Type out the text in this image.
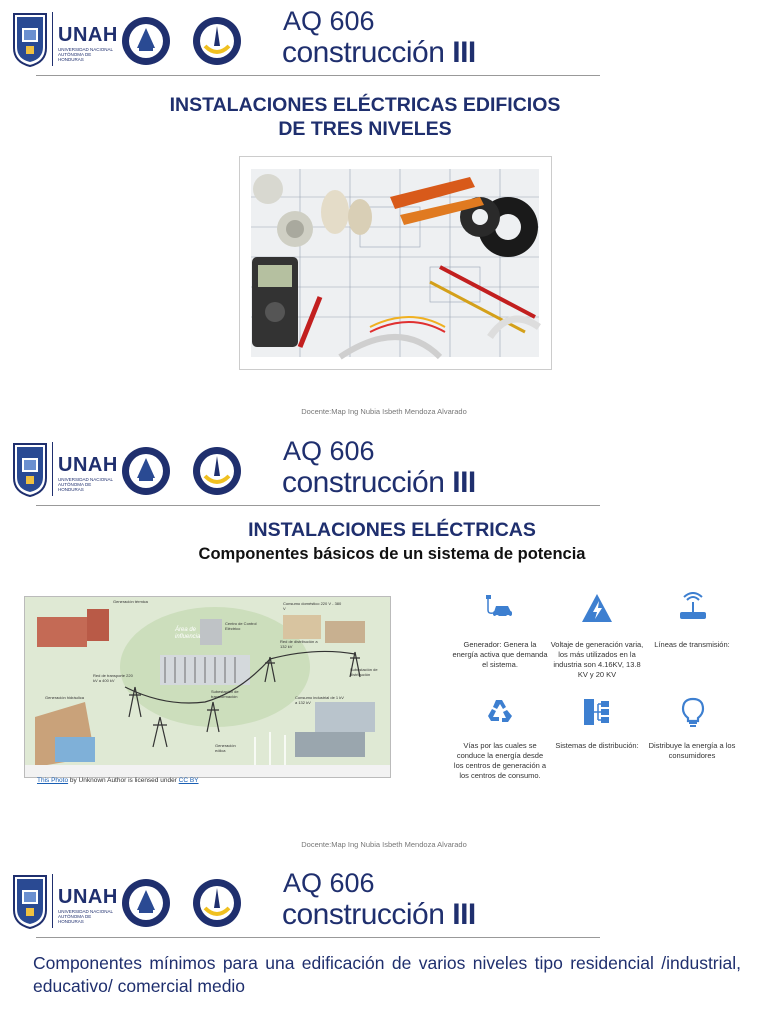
UNAH
UNIVERSIDAD NACIONAL AUTÓNOMA DE HONDURAS
AQ 606
construcción III
INSTALACIONES ELÉCTRICAS EDIFICIOS
DE TRES NIVELES
Docente:Map Ing Nubia Isbeth Mendoza Alvarado
UNAH
UNIVERSIDAD NACIONAL AUTÓNOMA DE HONDURAS
AQ 606
construcción III
INSTALACIONES ELÉCTRICAS
Componentes básicos de un sistema de potencia
Generación térmica
Área de influencia
Centro de Control Eléctrico
Consumo doméstico 220 V - 380 V
Red de transporte 220 kV a 400 kV
Red de distribución a 132 kV
Subestación de transformación
Subestación de distribución
Consumo industrial de 1 kV a 132 kV
Generación hidráulica
Generación eólica
This Photo by Unknown Author is licensed under CC BY
Generador: Genera la energía activa que demanda el sistema.
Voltaje de generación varia, los más utilizados en la industria son 4.16KV, 13.8 KV y 20 KV
Líneas de transmisión:
Vías por las cuales se conduce la energía desde los centros de generación a los centros de consumo.
Sistemas de distribución:	Distribuye la energía a los consumidores
Docente:Map Ing Nubia Isbeth Mendoza Alvarado
UNAH
UNIVERSIDAD NACIONAL AUTÓNOMA DE HONDURAS
AQ 606
construcción III
Componentes mínimos para una edificación de varios niveles tipo residencial /industrial, educativo/ comercial medio
